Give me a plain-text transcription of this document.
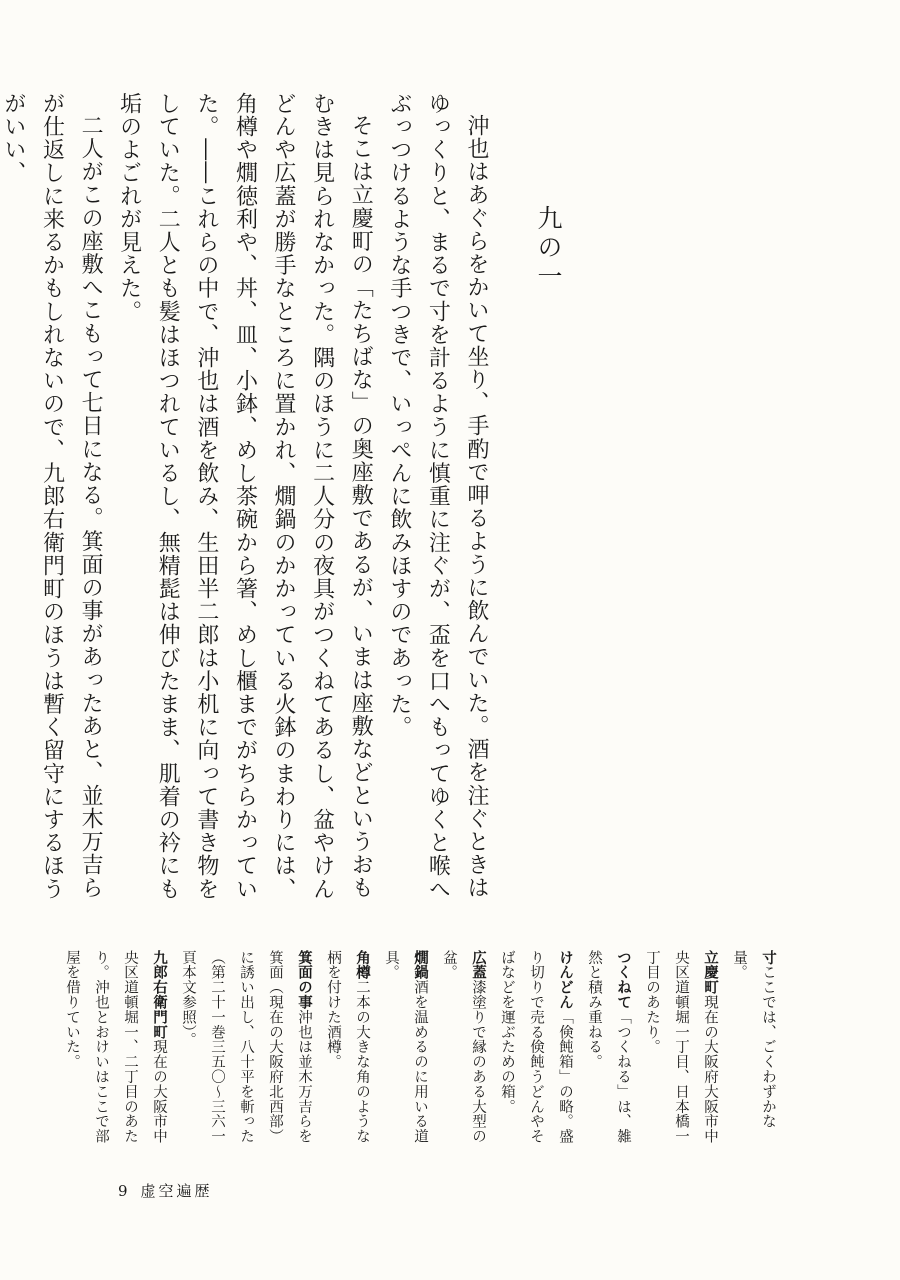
九の一

沖也はあぐらをかいて坐り、手酌で呷るように飲んでいた。酒を注ぐときはゆっくりと、まるで寸を計るように慎重に注ぐが、盃を口へもってゆくと喉へぶっつけるような手つきで、いっぺんに飲みほすのであった。

そこは立慶町の「たちばな」の奥座敷であるが、いまは座敷などというおもむきは見られなかった。隅のほうに二人分の夜具がつくねてあるし、盆やけんどんや広蓋が勝手なところに置かれ、燗鍋のかかっている火鉢のまわりには、角樽や燗徳利や、丼、皿、小鉢、めし茶碗から箸、めし櫃までがちらかっていた。――これらの中で、沖也は酒を飲み、生田半二郎は小机に向って書き物をしていた。二人とも髪はほつれているし、無精髭は伸びたまま、肌着の衿にも垢のよごれが見えた。

二人がこの座敷へこもって七日になる。箕面の事があったあと、並木万吉らが仕返しに来るかもしれないので、九郎右衛門町のほうは暫く留守にするほうがいい、

寸ここでは、ごくわずかな量。

立慶町現在の大阪府大阪市中央区道頓堀一丁目、日本橋一丁目のあたり。

つくねて「つくねる」は、雑然と積み重ねる。

けんどん「倹飩箱」の略。盛り切りで売る倹飩うどんやそばなどを運ぶための箱。

広蓋漆塗りで縁のある大型の盆。

燗鍋酒を温めるのに用いる道具。

角樽二本の大きな角のような柄を付けた酒樽。

箕面の事沖也は並木万吉らを箕面（現在の大阪府北西部）に誘い出し、八十平を斬った（第二十一巻三五〇～三六一頁本文参照）。

九郎右衛門町現在の大阪市中央区道頓堀一、二丁目のあたり。沖也とおけいはここで部屋を借りていた。

9 虚空遍歴
